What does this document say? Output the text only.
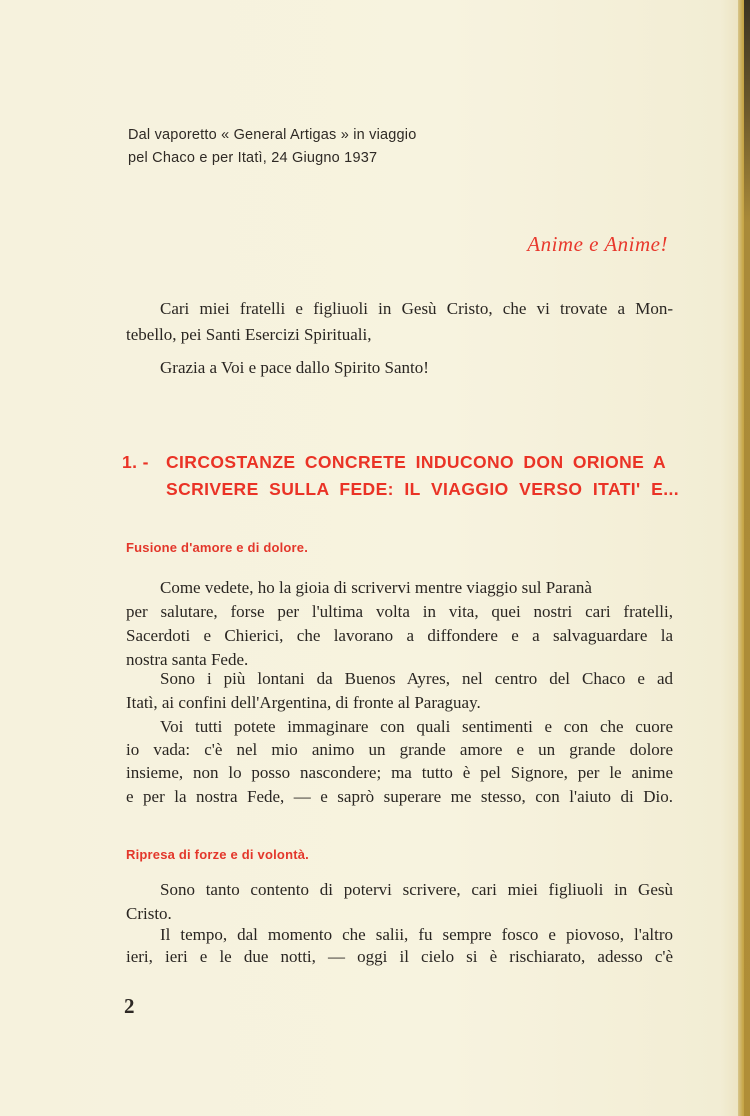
Dal vaporetto « General Artigas » in viaggio
pel Chaco e per Itatì, 24 Giugno 1937
Anime e Anime!
Cari miei fratelli e figliuoli in Gesù Cristo, che vi trovate a Mon-
tebello, pei Santi Esercizi Spirituali,
Grazia a Voi e pace dallo Spirito Santo!
1. - CIRCOSTANZE CONCRETE INDUCONO DON ORIONE A
SCRIVERE SULLA FEDE: IL VIAGGIO VERSO ITATI' E...
Fusione d'amore e di dolore.
Come vedete, ho la gioia di scrivervi mentre viaggio sul Paranà
per salutare, forse per l'ultima volta in vita, quei nostri cari fratelli,
Sacerdoti e Chierici, che lavorano a diffondere e a salvaguardare la
nostra santa Fede.
Sono i più lontani da Buenos Ayres, nel centro del Chaco e ad
Itatì, ai confini dell'Argentina, di fronte al Paraguay.
Voi tutti potete immaginare con quali sentimenti e con che cuore
io vada: c'è nel mio animo un grande amore e un grande dolore
insieme, non lo posso nascondere; ma tutto è pel Signore, per le anime
e per la nostra Fede, — e saprò superare me stesso, con l'aiuto di Dio.
Ripresa di forze e di volontà.
Sono tanto contento di potervi scrivere, cari miei figliuoli in Gesù
Cristo.
Il tempo, dal momento che salii, fu sempre fosco e piovoso, l'altro
ieri, ieri e le due notti, — oggi il cielo si è rischiarato, adesso c'è
2
